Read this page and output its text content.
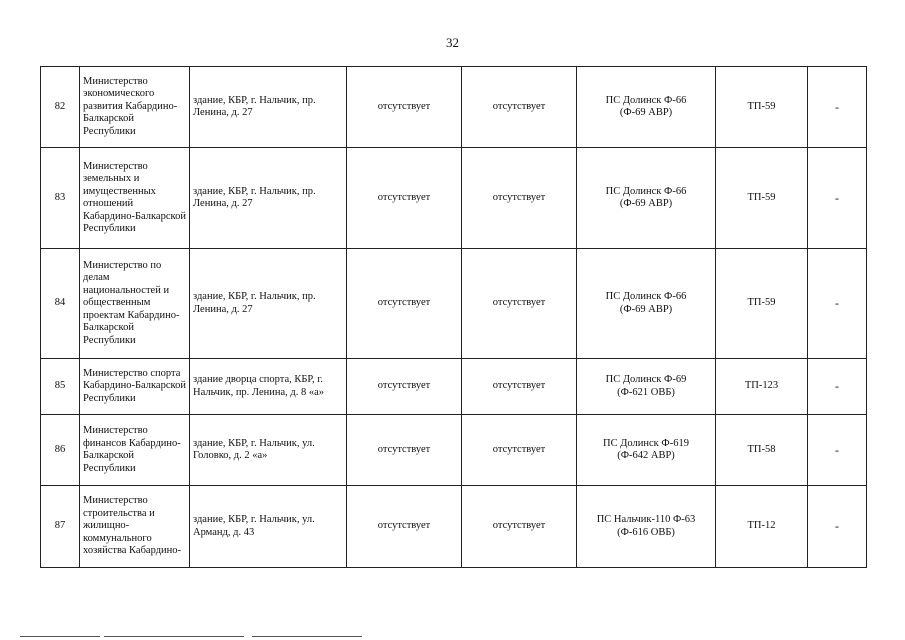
32
82	Министерство экономического развития Кабардино-Балкарской Республики	здание, КБР, г. Нальчик, пр. Ленина, д. 27	отсутствует	отсутствует	ПС Долинск Ф-66
(Ф-69 АВР)	ТП-59	-
83	Министерство земельных и имущественных отношений Кабардино-Балкарской Республики	здание, КБР, г. Нальчик, пр. Ленина, д. 27	отсутствует	отсутствует	ПС Долинск Ф-66
(Ф-69 АВР)	ТП-59	-
84	Министерство по делам национальностей и общественным проектам Кабардино-Балкарской Республики	здание, КБР, г. Нальчик, пр. Ленина, д. 27	отсутствует	отсутствует	ПС Долинск Ф-66
(Ф-69 АВР)	ТП-59	-
85	Министерство спорта Кабардино-Балкарской Республики	здание дворца спорта, КБР, г. Нальчик, пр. Ленина, д. 8 «а»	отсутствует	отсутствует	ПС Долинск Ф-69
(Ф-621 ОВБ)	ТП-123	-
86	Министерство финансов Кабардино-Балкарской Республики	здание, КБР, г. Нальчик, ул. Головко, д. 2 «а»	отсутствует	отсутствует	ПС Долинск Ф-619
(Ф-642 АВР)	ТП-58	-
87	Министерство строительства и жилищно-коммунального хозяйства Кабардино-	здание, КБР, г. Нальчик, ул. Арманд, д. 43	отсутствует	отсутствует	ПС Нальчик-110 Ф-63
(Ф-616 ОВБ)	ТП-12	-
